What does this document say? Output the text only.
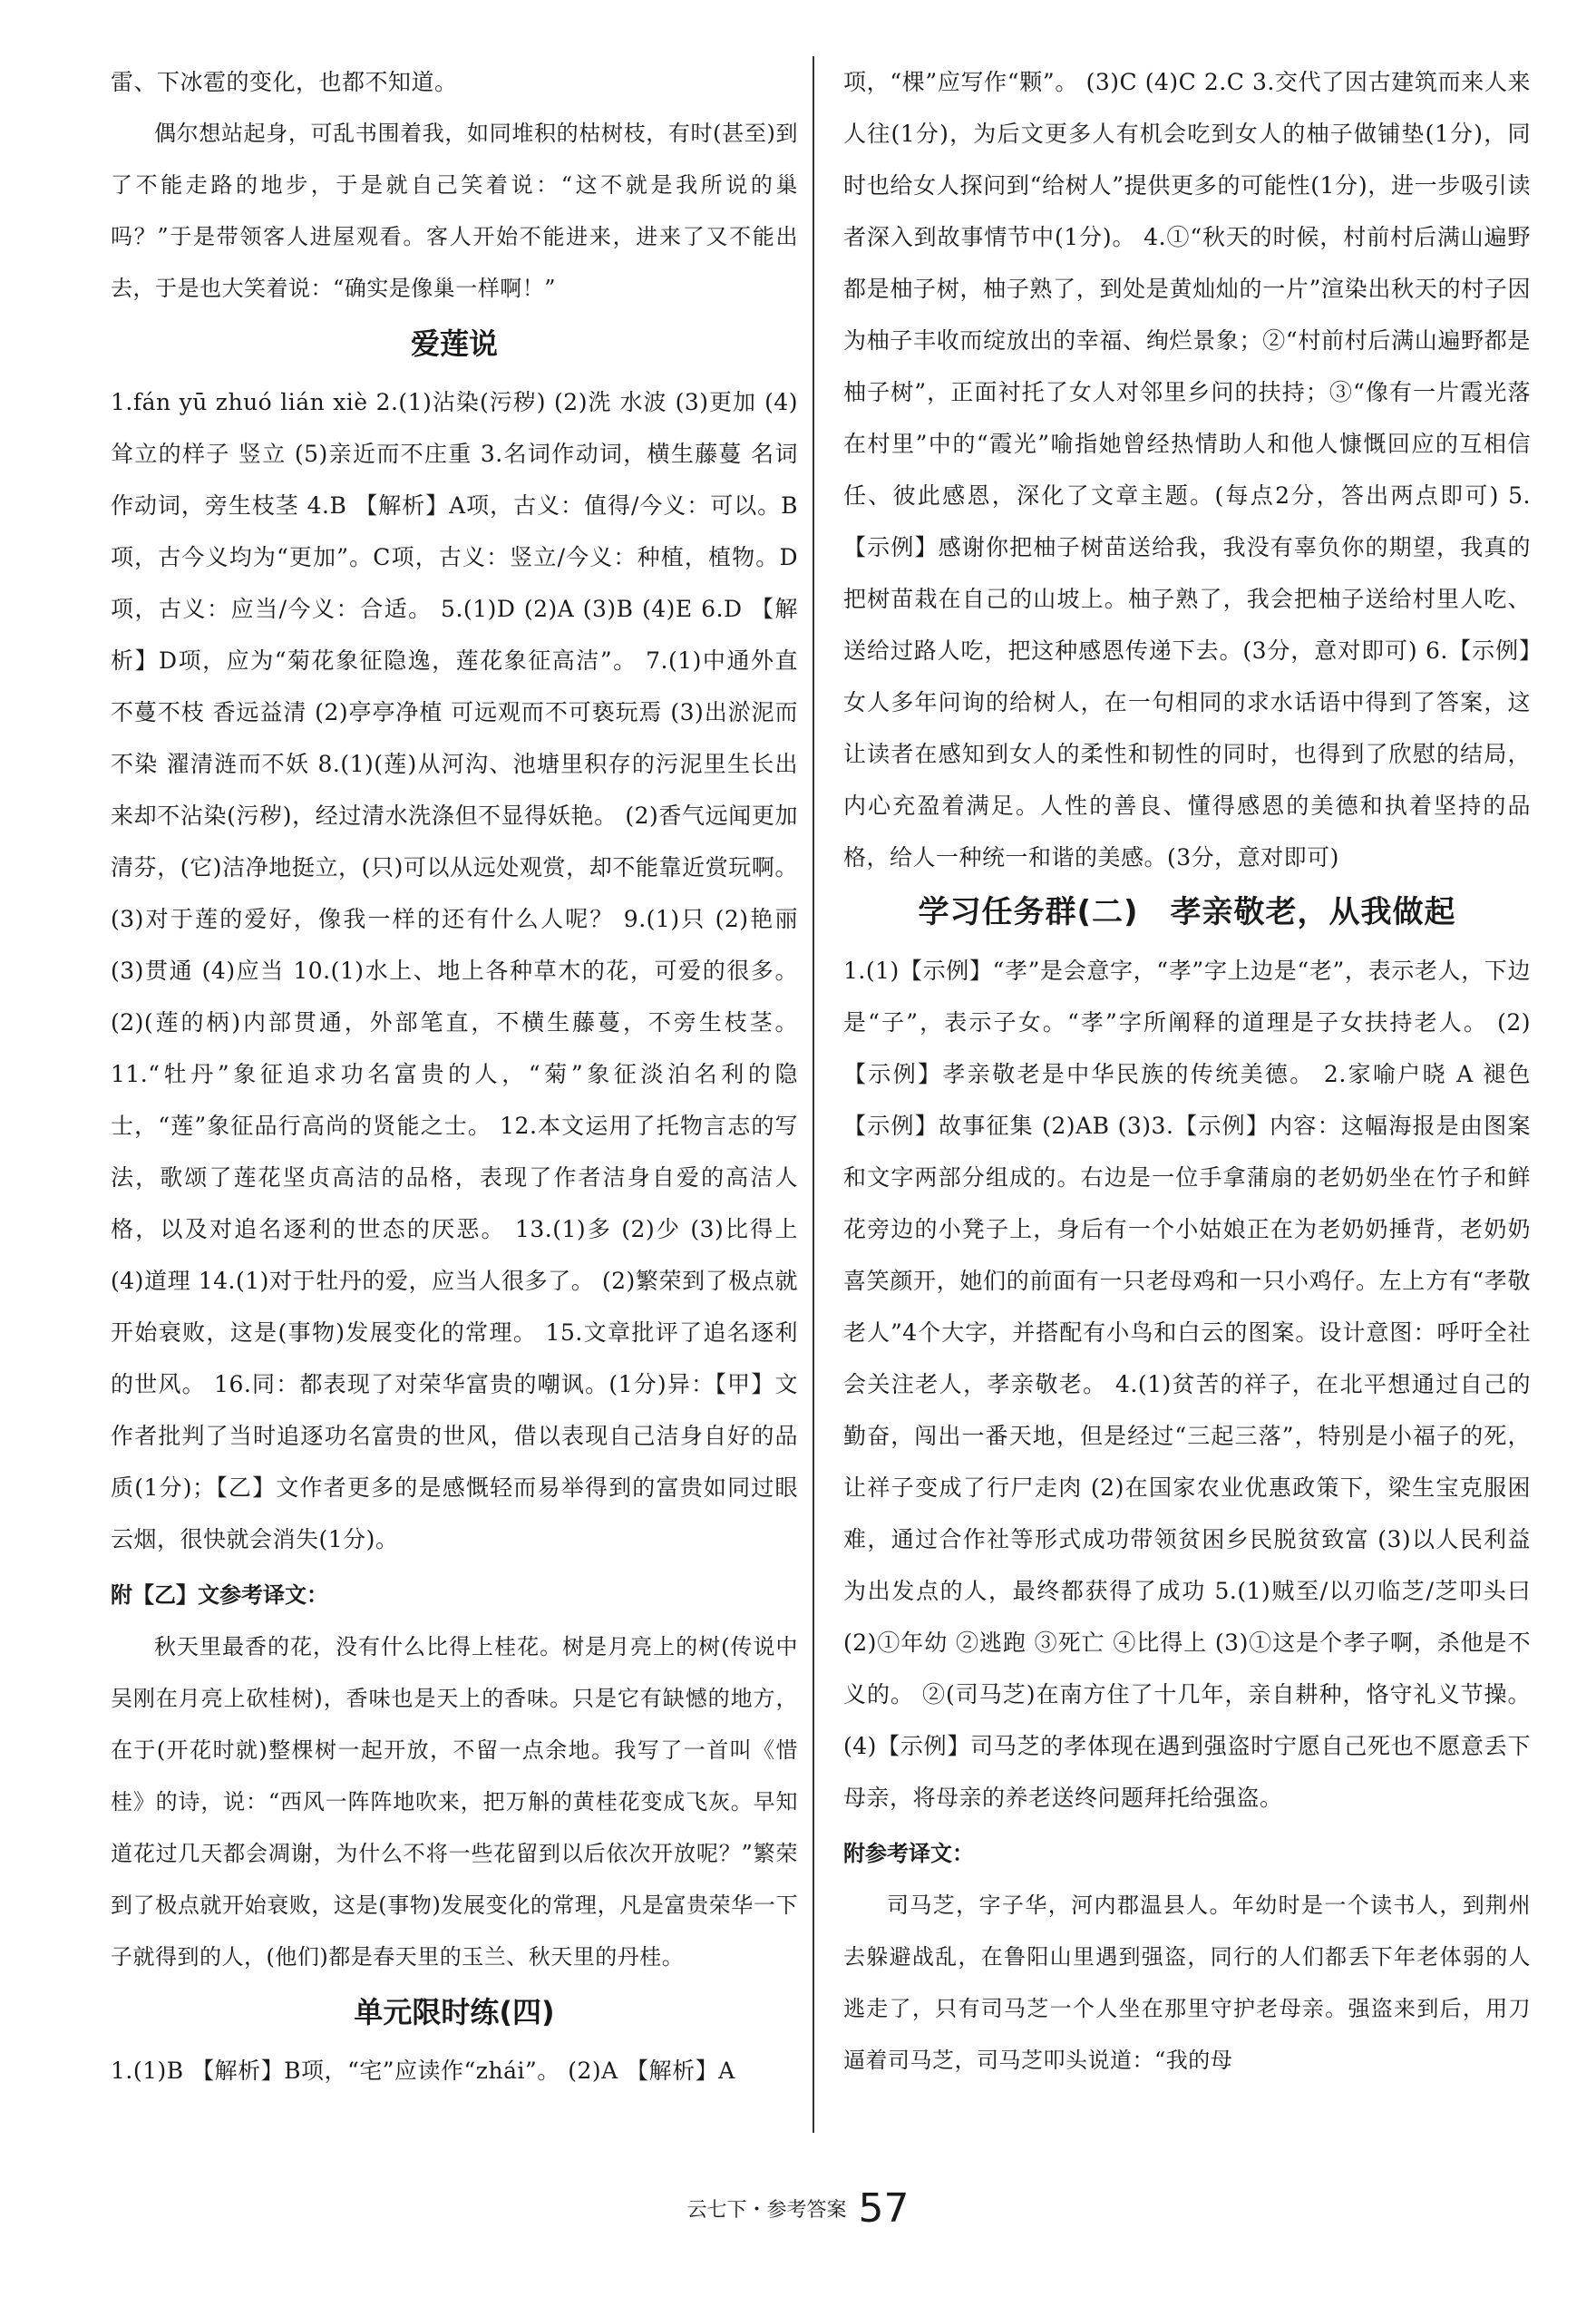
雷、下冰雹的变化，也都不知道。

偶尔想站起身，可乱书围着我，如同堆积的枯树枝，有时(甚至)到了不能走路的地步，于是就自己笑着说：“这不就是我所说的巢吗？”于是带领客人进屋观看。客人开始不能进来，进来了又不能出去，于是也大笑着说：“确实是像巢一样啊！”

爱莲说

1.fán yū zhuó lián xiè 2.(1)沾染(污秽) (2)洗 水波 (3)更加 (4)耸立的样子 竖立 (5)亲近而不庄重 3.名词作动词，横生藤蔓 名词作动词，旁生枝茎 4.B 【解析】A项，古义：值得/今义：可以。B项，古今义均为“更加”。C项，古义：竖立/今义：种植，植物。D项，古义：应当/今义：合适。 5.(1)D (2)A (3)B (4)E 6.D 【解析】D项，应为“菊花象征隐逸，莲花象征高洁”。 7.(1)中通外直 不蔓不枝 香远益清 (2)亭亭净植 可远观而不可亵玩焉 (3)出淤泥而不染 濯清涟而不妖 8.(1)(莲)从河沟、池塘里积存的污泥里生长出来却不沾染(污秽)，经过清水洗涤但不显得妖艳。 (2)香气远闻更加清芬，(它)洁净地挺立，(只)可以从远处观赏，却不能靠近赏玩啊。 (3)对于莲的爱好，像我一样的还有什么人呢？ 9.(1)只 (2)艳丽 (3)贯通 (4)应当 10.(1)水上、地上各种草木的花，可爱的很多。 (2)(莲的柄)内部贯通，外部笔直，不横生藤蔓，不旁生枝茎。 11.“牡丹”象征追求功名富贵的人，“菊”象征淡泊名利的隐士，“莲”象征品行高尚的贤能之士。 12.本文运用了托物言志的写法，歌颂了莲花坚贞高洁的品格，表现了作者洁身自爱的高洁人格，以及对追名逐利的世态的厌恶。 13.(1)多 (2)少 (3)比得上 (4)道理 14.(1)对于牡丹的爱，应当人很多了。 (2)繁荣到了极点就开始衰败，这是(事物)发展变化的常理。 15.文章批评了追名逐利的世风。 16.同：都表现了对荣华富贵的嘲讽。(1分)异：【甲】文作者批判了当时追逐功名富贵的世风，借以表现自己洁身自好的品质(1分)；【乙】文作者更多的是感慨轻而易举得到的富贵如同过眼云烟，很快就会消失(1分)。

附【乙】文参考译文：

秋天里最香的花，没有什么比得上桂花。树是月亮上的树(传说中吴刚在月亮上砍桂树)，香味也是天上的香味。只是它有缺憾的地方，在于(开花时就)整棵树一起开放，不留一点余地。我写了一首叫《惜桂》的诗，说：“西风一阵阵地吹来，把万斛的黄桂花变成飞灰。早知道花过几天都会凋谢，为什么不将一些花留到以后依次开放呢？”繁荣到了极点就开始衰败，这是(事物)发展变化的常理，凡是富贵荣华一下子就得到的人，(他们)都是春天里的玉兰、秋天里的丹桂。

单元限时练(四)

1.(1)B 【解析】B项，“宅”应读作“zhái”。 (2)A 【解析】A

项，“棵”应写作“颗”。 (3)C (4)C 2.C 3.交代了因古建筑而来人来人往(1分)，为后文更多人有机会吃到女人的柚子做铺垫(1分)，同时也给女人探问到“给树人”提供更多的可能性(1分)，进一步吸引读者深入到故事情节中(1分)。 4.①“秋天的时候，村前村后满山遍野都是柚子树，柚子熟了，到处是黄灿灿的一片”渲染出秋天的村子因为柚子丰收而绽放出的幸福、绚烂景象；②“村前村后满山遍野都是柚子树”，正面衬托了女人对邻里乡问的扶持；③“像有一片霞光落在村里”中的“霞光”喻指她曾经热情助人和他人慷慨回应的互相信任、彼此感恩，深化了文章主题。(每点2分，答出两点即可) 5.【示例】感谢你把柚子树苗送给我，我没有辜负你的期望，我真的把树苗栽在自己的山坡上。柚子熟了，我会把柚子送给村里人吃、送给过路人吃，把这种感恩传递下去。(3分，意对即可) 6.【示例】女人多年问询的给树人，在一句相同的求水话语中得到了答案，这让读者在感知到女人的柔性和韧性的同时，也得到了欣慰的结局，内心充盈着满足。人性的善良、懂得感恩的美德和执着坚持的品格，给人一种统一和谐的美感。(3分，意对即可)

学习任务群(二)　孝亲敬老，从我做起

1.(1)【示例】“孝”是会意字，“孝”字上边是“老”，表示老人，下边是“子”，表示子女。“孝”字所阐释的道理是子女扶持老人。 (2)【示例】孝亲敬老是中华民族的传统美德。 2.家喻户晓 A 褪色 【示例】故事征集 (2)AB (3)3.【示例】内容：这幅海报是由图案和文字两部分组成的。右边是一位手拿蒲扇的老奶奶坐在竹子和鲜花旁边的小凳子上，身后有一个小姑娘正在为老奶奶捶背，老奶奶喜笑颜开，她们的前面有一只老母鸡和一只小鸡仔。左上方有“孝敬老人”4个大字，并搭配有小鸟和白云的图案。设计意图：呼吁全社会关注老人，孝亲敬老。 4.(1)贫苦的祥子，在北平想通过自己的勤奋，闯出一番天地，但是经过“三起三落”，特别是小福子的死，让祥子变成了行尸走肉 (2)在国家农业优惠政策下，梁生宝克服困难，通过合作社等形式成功带领贫困乡民脱贫致富 (3)以人民利益为出发点的人，最终都获得了成功 5.(1)贼至/以刃临芝/芝叩头曰 (2)①年幼 ②逃跑 ③死亡 ④比得上 (3)①这是个孝子啊，杀他是不义的。 ②(司马芝)在南方住了十几年，亲自耕种，恪守礼义节操。 (4)【示例】司马芝的孝体现在遇到强盗时宁愿自己死也不愿意丢下母亲，将母亲的养老送终问题拜托给强盗。

附参考译文：

司马芝，字子华，河内郡温县人。年幼时是一个读书人，到荆州去躲避战乱，在鲁阳山里遇到强盗，同行的人们都丢下年老体弱的人逃走了，只有司马芝一个人坐在那里守护老母亲。强盗来到后，用刀逼着司马芝，司马芝叩头说道：“我的母

云七下・参考答案 57
